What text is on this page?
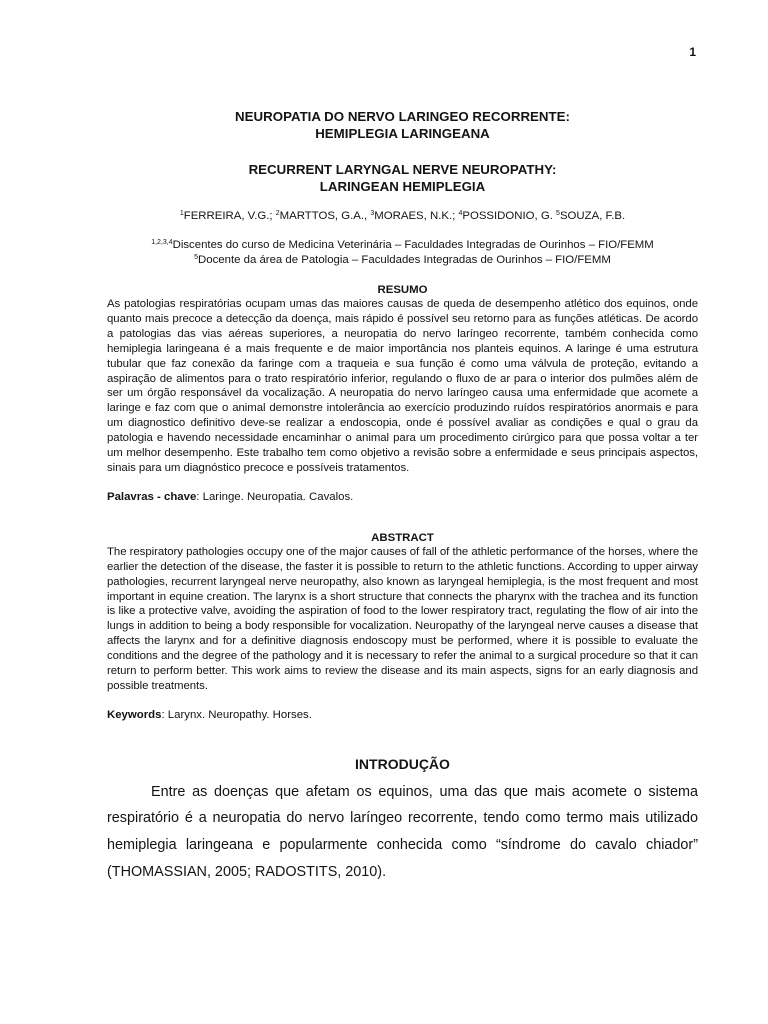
1

NEUROPATIA DO NERVO LARINGEO RECORRENTE:

HEMIPLEGIA LARINGEANA

RECURRENT LARYNGAL NERVE NEUROPATHY:

LARINGEAN HEMIPLEGIA

$^1$FERREIRA, V.G.; $^2$MARTTOS, G.A., $^3$MORAES, N.K.; $^4$POSSIDONIO, G. $^5$SOUZA, F.B.

$^{1,2,3,4}$Discentes do curso de Medicina Veterinária – Faculdades Integradas de Ourinhos – FIO/FEMM

$^5$Docente da área de Patologia – Faculdades Integradas de Ourinhos – FIO/FEMM

RESUMO

As patologias respiratórias ocupam umas das maiores causas de queda de desempenho atlético dos equinos, onde quanto mais precoce a detecção da doença, mais rápido é possível seu retorno para as funções atléticas. De acordo a patologias das vias aéreas superiores, a neuropatia do nervo laríngeo recorrente, também conhecida como hemiplegia laringeana é a mais frequente e de maior importância nos planteis equinos. A laringe é uma estrutura tubular que faz conexão da faringe com a traqueia e sua função é como uma válvula de proteção, evitando a aspiração de alimentos para o trato respiratório inferior, regulando o fluxo de ar para o interior dos pulmões além de ser um órgão responsável da vocalização. A neuropatia do nervo laríngeo causa uma enfermidade que acomete a laringe e faz com que o animal demonstre intolerância ao exercício produzindo ruídos respiratórios anormais e para um diagnostico definitivo deve-se realizar a endoscopia, onde é possível avaliar as condições e qual o grau da patologia e havendo necessidade encaminhar o animal para um procedimento cirúrgico para que possa voltar a ter um melhor desempenho. Este trabalho tem como objetivo a revisão sobre a enfermidade e seus principais aspectos, sinais para um diagnóstico precoce e possíveis tratamentos.

Palavras - chave: Laringe. Neuropatia. Cavalos.

ABSTRACT

The respiratory pathologies occupy one of the major causes of fall of the athletic performance of the horses, where the earlier the detection of the disease, the faster it is possible to return to the athletic functions. According to upper airway pathologies, recurrent laryngeal nerve neuropathy, also known as laryngeal hemiplegia, is the most frequent and most important in equine creation. The larynx is a short structure that connects the pharynx with the trachea and its function is like a protective valve, avoiding the aspiration of food to the lower respiratory tract, regulating the flow of air into the lungs in addition to being a body responsible for vocalization. Neuropathy of the laryngeal nerve causes a disease that affects the larynx and for a definitive diagnosis endoscopy must be performed, where it is possible to evaluate the conditions and the degree of the pathology and it is necessary to refer the animal to a surgical procedure so that it can return to perform better. This work aims to review the disease and its main aspects, signs for an early diagnosis and possible treatments.

Keywords: Larynx. Neuropathy. Horses.

INTRODUÇÃO

Entre as doenças que afetam os equinos, uma das que mais acomete o sistema respiratório é a neuropatia do nervo laríngeo recorrente, tendo como termo mais utilizado hemiplegia laringeana e popularmente conhecida como “síndrome do cavalo chiador” (THOMASSIAN, 2005; RADOSTITS, 2010).
